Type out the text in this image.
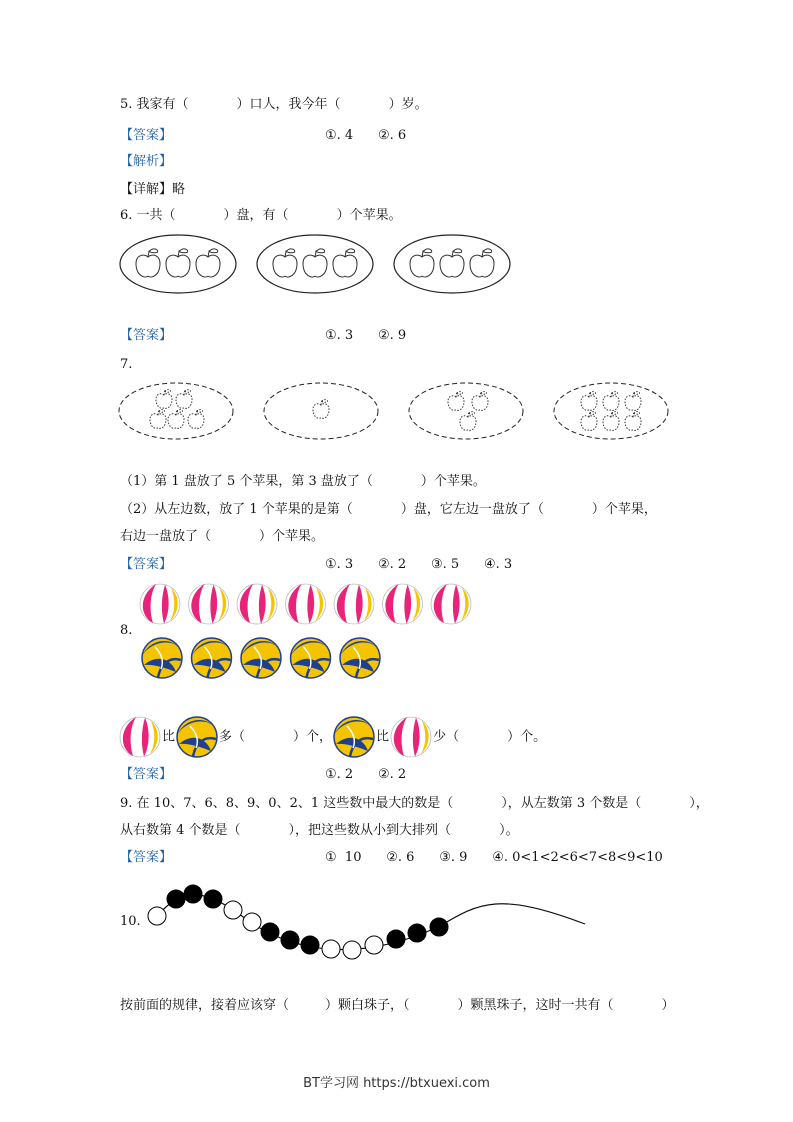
5. 我家有（	）口人，我今年（	）岁。
【答案】	①. 4      ②. 6
【解析】
【详解】略
6. 一共（	）盘，有（	）个苹果。
【答案】	①. 3      ②. 9
7.
（1）第 1 盘放了 5 个苹果，第 3 盘放了（	）个苹果。
（2）从左边数，放了 1 个苹果的是第（	）盘，它左边一盘放了（	）个苹果，
右边一盘放了（	）个苹果。
【答案】	①. 3      ②. 2      ③. 5      ④. 3
8.
比	多（	）个，	比	少（	）个。
【答案】	①. 2      ②. 2
9. 在 10、7、6、8、9、0、2、1 这些数中最大的数是（	），从左数第 3 个数是（	），
从右数第 4 个数是（	），把这些数从小到大排列（	）。
【答案】	①  10      ②. 6      ③. 9      ④. 0<1<2<6<7<8<9<10
10.
按前面的规律，接着应该穿（	）颗白珠子，（	）颗黑珠子，这时一共有（	）
BT学习网 https://btxuexi.com
